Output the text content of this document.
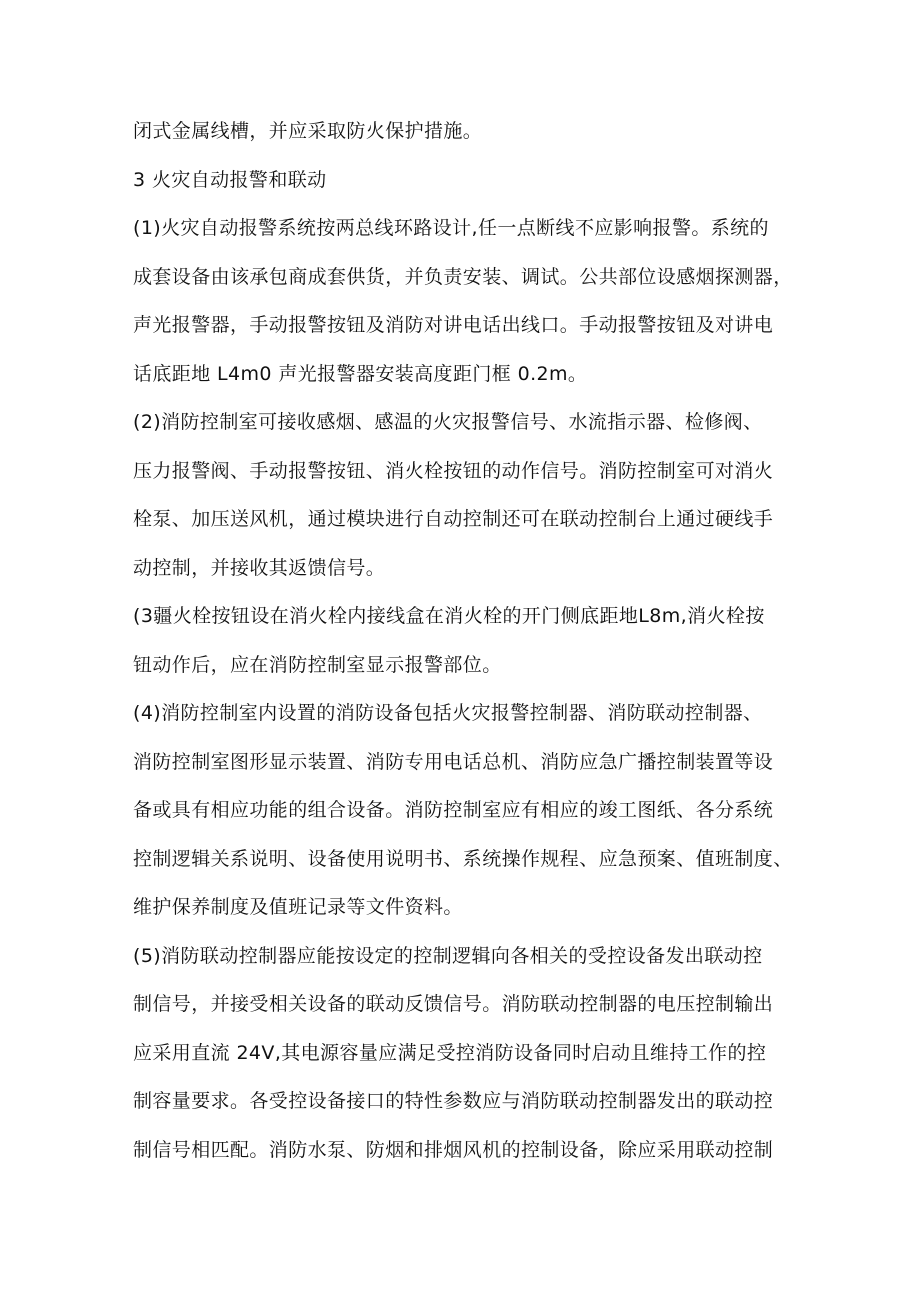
闭式金属线槽，并应采取防火保护措施。
3 火灾自动报警和联动
(1)火灾自动报警系统按两总线环路设计,任一点断线不应影响报警。系统的
成套设备由该承包商成套供货，并负责安装、调试。公共部位设感烟探测器，
声光报警器，手动报警按钮及消防对讲电话出线口。手动报警按钮及对讲电
话底距地 L4m0 声光报警器安装高度距门框 0.2m。
(2)消防控制室可接收感烟、感温的火灾报警信号、水流指示器、检修阀、
压力报警阀、手动报警按钮、消火栓按钮的动作信号。消防控制室可对消火
栓泵、加压送风机，通过模块进行自动控制还可在联动控制台上通过硬线手
动控制，并接收其返馈信号。
(3疆火栓按钮设在消火栓内接线盒在消火栓的开门侧底距地L8m,消火栓按
钮动作后，应在消防控制室显示报警部位。
(4)消防控制室内设置的消防设备包括火灾报警控制器、消防联动控制器、
消防控制室图形显示装置、消防专用电话总机、消防应急广播控制装置等设
备或具有相应功能的组合设备。消防控制室应有相应的竣工图纸、各分系统
控制逻辑关系说明、设备使用说明书、系统操作规程、应急预案、值班制度、
维护保养制度及值班记录等文件资料。
(5)消防联动控制器应能按设定的控制逻辑向各相关的受控设备发出联动控
制信号，并接受相关设备的联动反馈信号。消防联动控制器的电压控制输出
应采用直流 24V,其电源容量应满足受控消防设备同时启动且维持工作的控
制容量要求。各受控设备接口的特性参数应与消防联动控制器发出的联动控
制信号相匹配。消防水泵、防烟和排烟风机的控制设备，除应采用联动控制
